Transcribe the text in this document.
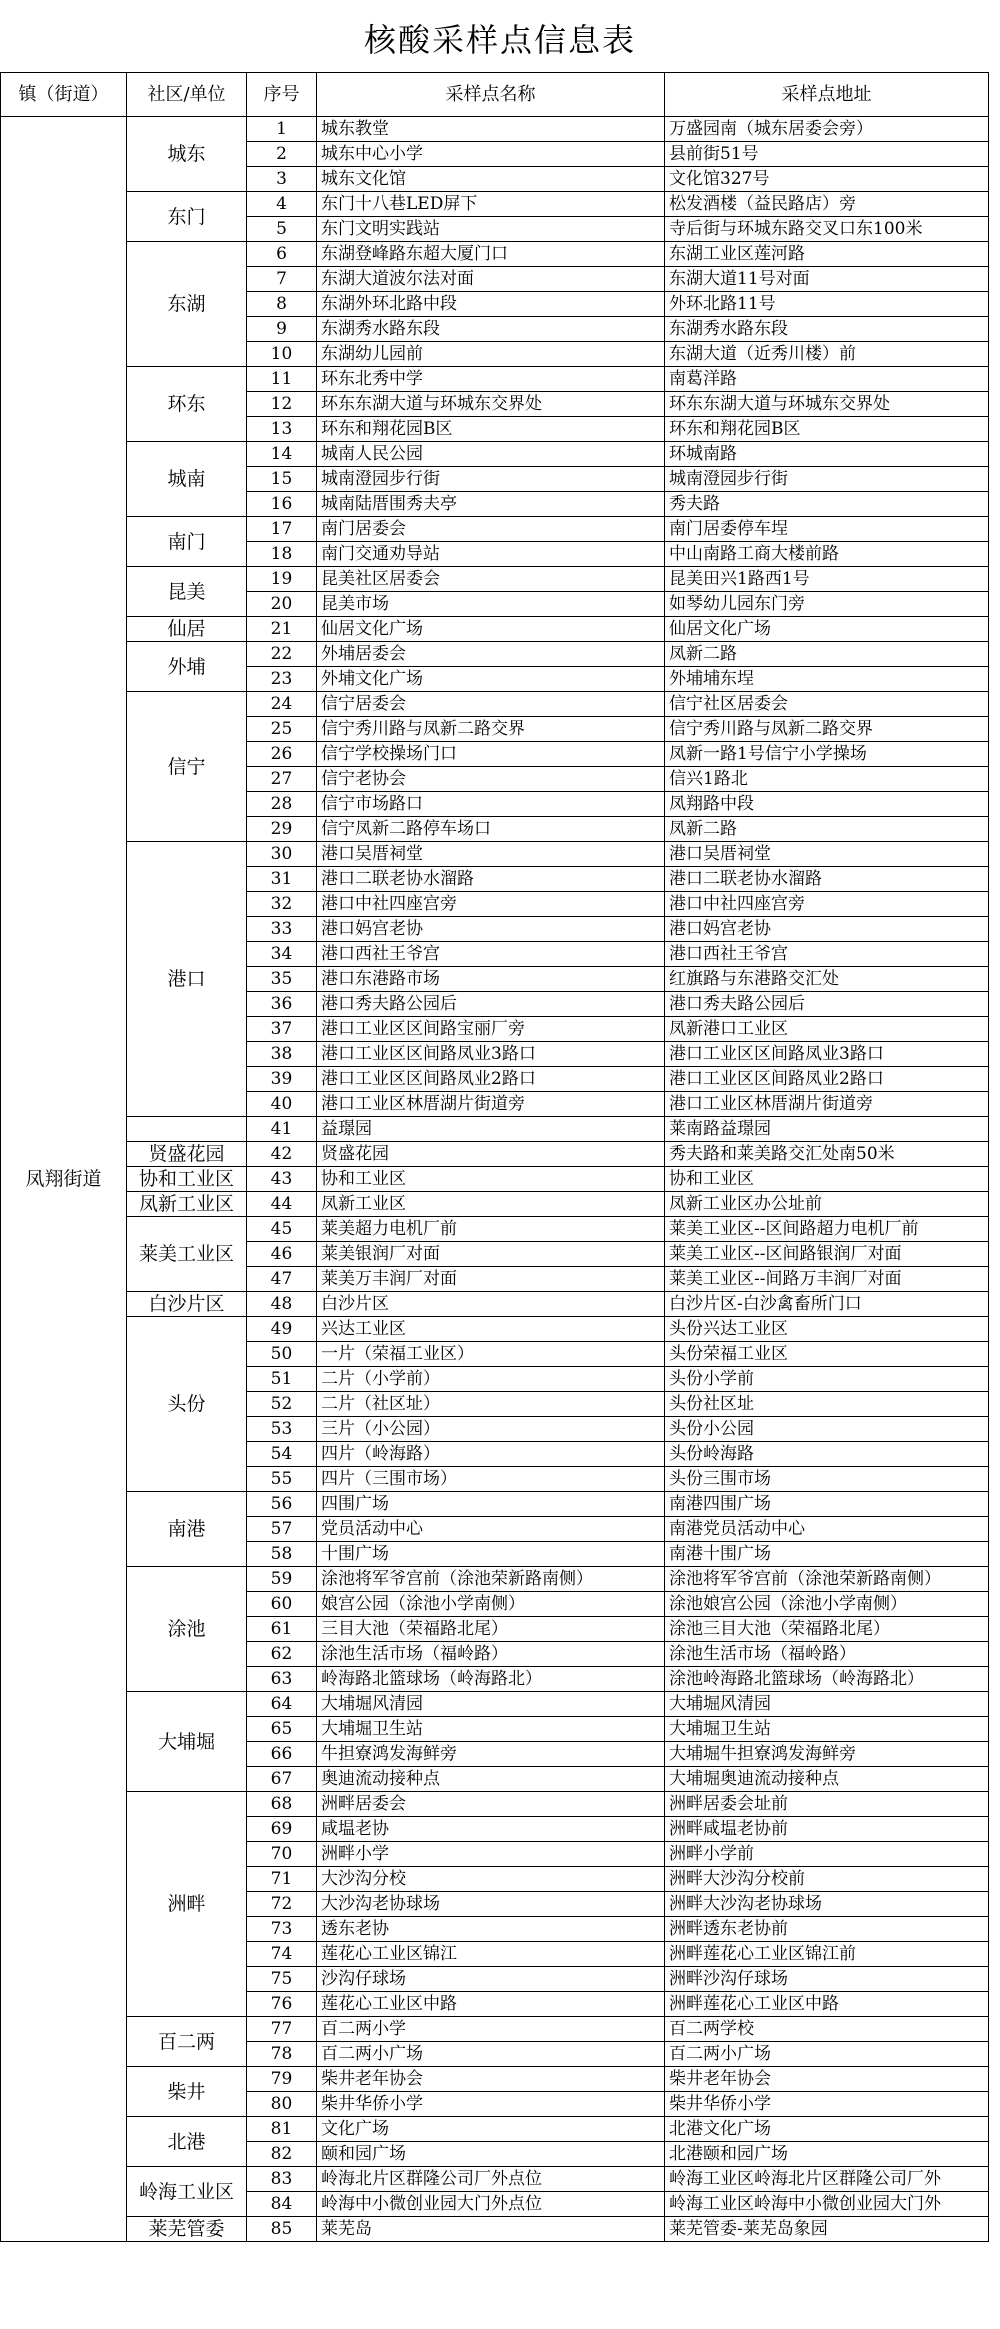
核酸采样点信息表
镇（街道）	社区/单位	序号	采样点名称	采样点地址
凤翔街道	城东	1	城东教堂	万盛园南（城东居委会旁）
		2	城东中心小学	县前街51号
		3	城东文化馆	文化馆327号
	东门	4	东门十八巷LED屏下	松发酒楼（益民路店）旁
		5	东门文明实践站	寺后街与环城东路交叉口东100米
	东湖	6	东湖登峰路东超大厦门口	东湖工业区莲河路
		7	东湖大道波尔法对面	东湖大道11号对面
		8	东湖外环北路中段	外环北路11号
		9	东湖秀水路东段	东湖秀水路东段
		10	东湖幼儿园前	东湖大道（近秀川楼）前
	环东	11	环东北秀中学	南葛洋路
		12	环东东湖大道与环城东交界处	环东东湖大道与环城东交界处
		13	环东和翔花园B区	环东和翔花园B区
	城南	14	城南人民公园	环城南路
		15	城南澄园步行街	城南澄园步行街
		16	城南陆厝围秀夫亭	秀夫路
	南门	17	南门居委会	南门居委停车埕
		18	南门交通劝导站	中山南路工商大楼前路
	昆美	19	昆美社区居委会	昆美田兴1路西1号
		20	昆美市场	如琴幼儿园东门旁
	仙居	21	仙居文化广场	仙居文化广场
	外埔	22	外埔居委会	凤新二路
		23	外埔文化广场	外埔埔东埕
	信宁	24	信宁居委会	信宁社区居委会
		25	信宁秀川路与凤新二路交界	信宁秀川路与凤新二路交界
		26	信宁学校操场门口	凤新一路1号信宁小学操场
		27	信宁老协会	信兴1路北
		28	信宁市场路口	凤翔路中段
		29	信宁凤新二路停车场口	凤新二路
	港口	30	港口吴厝祠堂	港口吴厝祠堂
		31	港口二联老协水溜路	港口二联老协水溜路
		32	港口中社四座宫旁	港口中社四座宫旁
		33	港口妈宫老协	港口妈宫老协
		34	港口西社王爷宫	港口西社王爷宫
		35	港口东港路市场	红旗路与东港路交汇处
		36	港口秀夫路公园后	港口秀夫路公园后
		37	港口工业区区间路宝丽厂旁	凤新港口工业区
		38	港口工业区区间路凤业3路口	港口工业区区间路凤业3路口
		39	港口工业区区间路凤业2路口	港口工业区区间路凤业2路口
		40	港口工业区林厝湖片街道旁	港口工业区林厝湖片街道旁
		41	益璟园	莱南路益璟园
	贤盛花园	42	贤盛花园	秀夫路和莱美路交汇处南50米
	协和工业区	43	协和工业区	协和工业区
	凤新工业区	44	凤新工业区	凤新工业区办公址前
	莱美工业区	45	莱美超力电机厂前	莱美工业区--区间路超力电机厂前
		46	莱美银润厂对面	莱美工业区--区间路银润厂对面
		47	莱美万丰润厂对面	莱美工业区--间路万丰润厂对面
	白沙片区	48	白沙片区	白沙片区-白沙禽畜所门口
	头份	49	兴达工业区	头份兴达工业区
		50	一片（荣福工业区）	头份荣福工业区
		51	二片（小学前）	头份小学前
		52	二片（社区址）	头份社区址
		53	三片（小公园）	头份小公园
		54	四片（岭海路）	头份岭海路
		55	四片（三围市场）	头份三围市场
	南港	56	四围广场	南港四围广场
		57	党员活动中心	南港党员活动中心
		58	十围广场	南港十围广场
	涂池	59	涂池将军爷宫前（涂池荣新路南侧）	涂池将军爷宫前（涂池荣新路南侧）
		60	娘宫公园（涂池小学南侧）	涂池娘宫公园（涂池小学南侧）
		61	三目大池（荣福路北尾）	涂池三目大池（荣福路北尾）
		62	涂池生活市场（福岭路）	涂池生活市场（福岭路）
		63	岭海路北篮球场（岭海路北）	涂池岭海路北篮球场（岭海路北）
	大埔堀	64	大埔堀风清园	大埔堀风清园
		65	大埔堀卫生站	大埔堀卫生站
		66	牛担寮鸿发海鲜旁	大埔堀牛担寮鸿发海鲜旁
		67	奥迪流动接种点	大埔堀奥迪流动接种点
	洲畔	68	洲畔居委会	洲畔居委会址前
		69	咸塭老协	洲畔咸塭老协前
		70	洲畔小学	洲畔小学前
		71	大沙沟分校	洲畔大沙沟分校前
		72	大沙沟老协球场	洲畔大沙沟老协球场
		73	透东老协	洲畔透东老协前
		74	莲花心工业区锦江	洲畔莲花心工业区锦江前
		75	沙沟仔球场	洲畔沙沟仔球场
		76	莲花心工业区中路	洲畔莲花心工业区中路
	百二两	77	百二两小学	百二两学校
		78	百二两小广场	百二两小广场
	柴井	79	柴井老年协会	柴井老年协会
		80	柴井华侨小学	柴井华侨小学
	北港	81	文化广场	北港文化广场
		82	颐和园广场	北港颐和园广场
	岭海工业区	83	岭海北片区群隆公司厂外点位	岭海工业区岭海北片区群隆公司厂外
		84	岭海中小微创业园大门外点位	岭海工业区岭海中小微创业园大门外
	莱芜管委	85	莱芜岛	莱芜管委-莱芜岛象园
